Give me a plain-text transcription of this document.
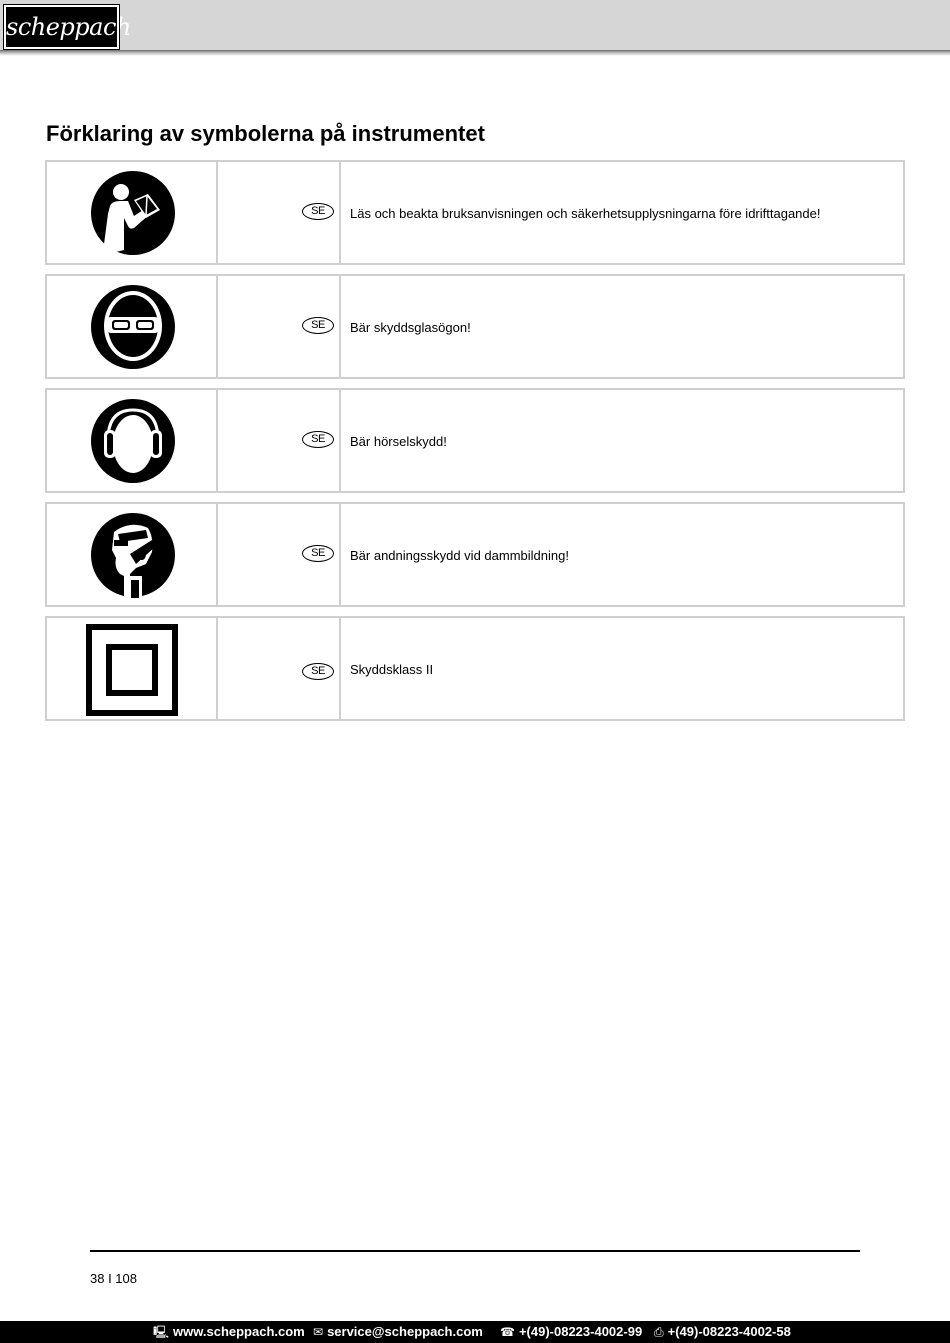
scheppach
Förklaring av symbolerna på instrumentet
SE	Läs och beakta bruksanvisningen och säkerhetsupplysningarna före idrifttagande!
SE	Bär skyddsglasögon!
SE	Bär hörselskydd!
SE	Bär andningsskydd vid dammbildning!
SE	Skyddsklass II
38 I 108
🖳 www.scheppach.com ✉ service@scheppach.com ☎ +(49)-08223-4002-99 ⎙ +(49)-08223-4002-58
